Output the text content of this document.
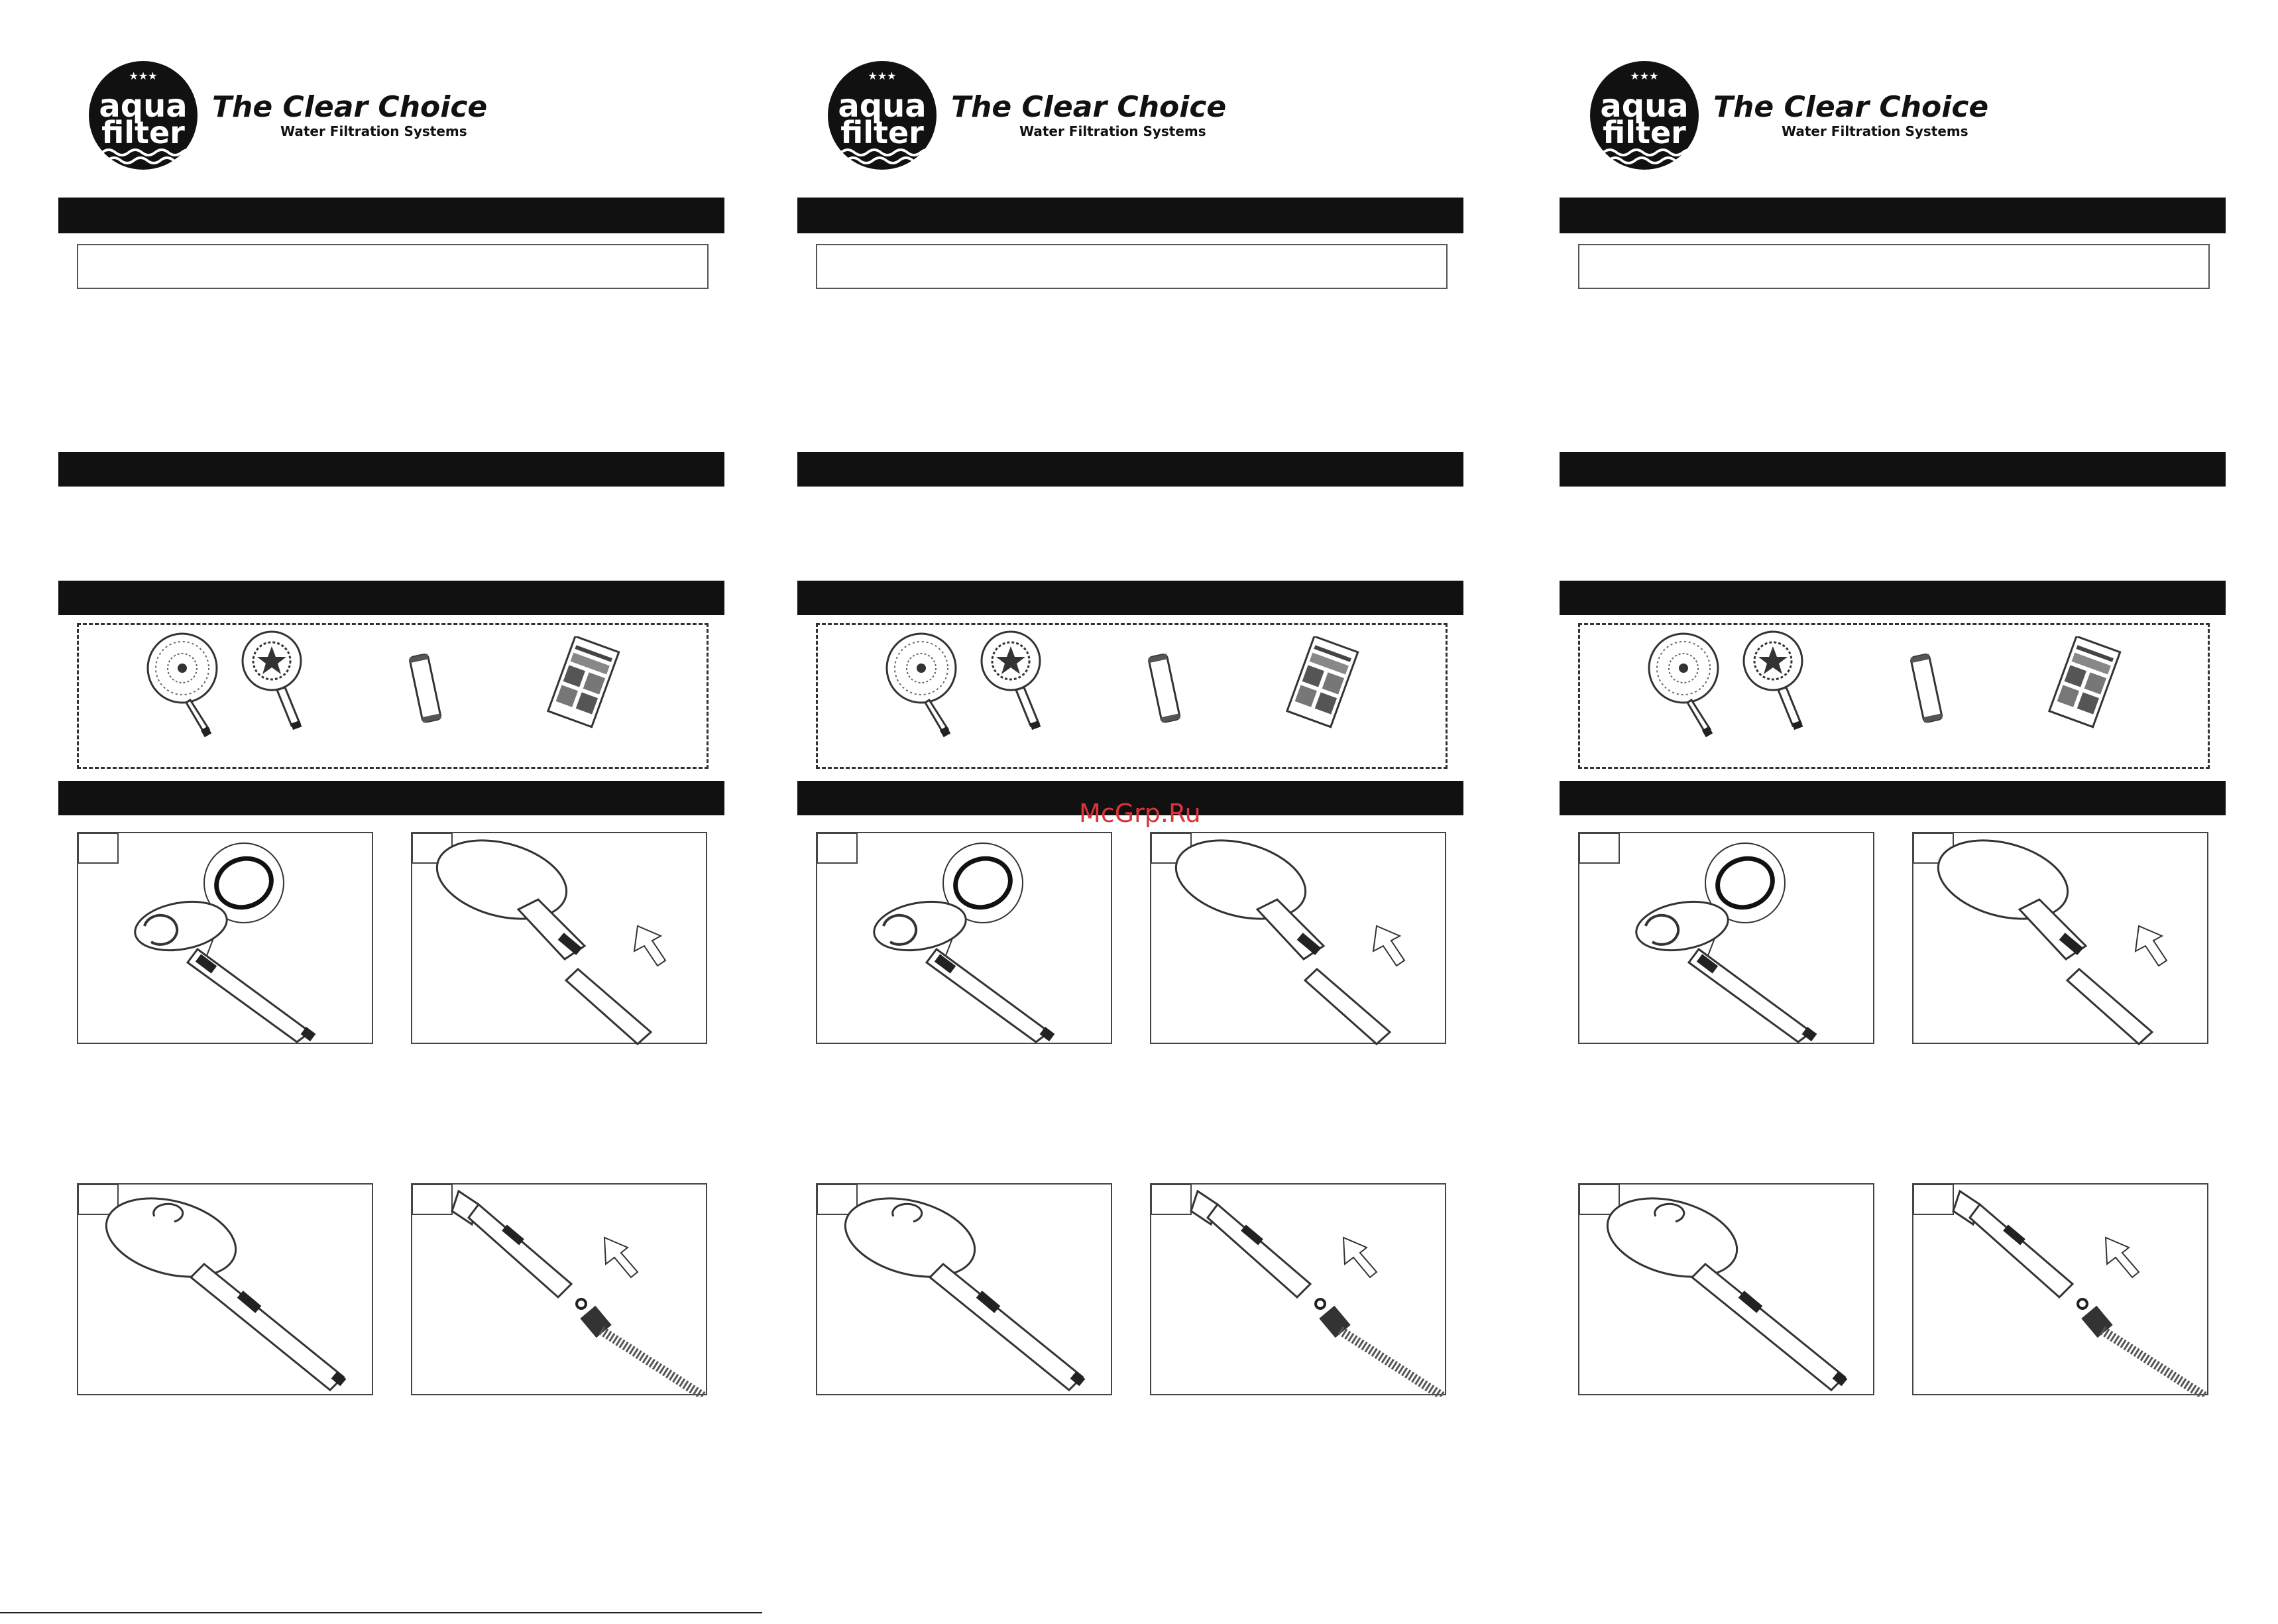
★★★
aqua
filter
The Clear Choice
Water Filtration Systems
★★★
aqua
filter
The Clear Choice
Water Filtration Systems
★★★
aqua
filter
The Clear Choice
Water Filtration Systems
McGrp.Ru
